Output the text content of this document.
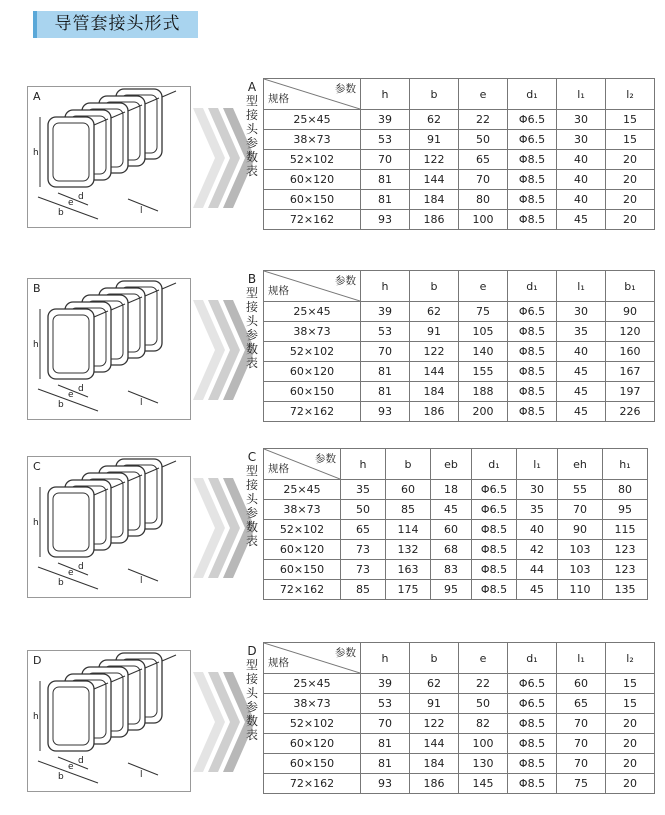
导管套接头形式
h
b
e
d
l
A
A型接头参数表
参数
规格	h	b	e	d₁	l₁	l₂
25×45	39	62	22	Φ6.5	30	15
38×73	53	91	50	Φ6.5	30	15
52×102	70	122	65	Φ8.5	40	20
60×120	81	144	70	Φ8.5	40	20
60×150	81	184	80	Φ8.5	40	20
72×162	93	186	100	Φ8.5	45	20
h
b
e
d
l
B
B型接头参数表
参数
规格	h	b	e	d₁	l₁	b₁
25×45	39	62	75	Φ6.5	30	90
38×73	53	91	105	Φ8.5	35	120
52×102	70	122	140	Φ8.5	40	160
60×120	81	144	155	Φ8.5	45	167
60×150	81	184	188	Φ8.5	45	197
72×162	93	186	200	Φ8.5	45	226
h
b
e
d
l
C
C型接头参数表
参数
规格	h	b	eb	d₁	l₁	eh	h₁
25×45	35	60	18	Φ6.5	30	55	80
38×73	50	85	45	Φ6.5	35	70	95
52×102	65	114	60	Φ8.5	40	90	115
60×120	73	132	68	Φ8.5	42	103	123
60×150	73	163	83	Φ8.5	44	103	123
72×162	85	175	95	Φ8.5	45	110	135
h
b
e
d
l
D
D型接头参数表
参数
规格	h	b	e	d₁	l₁	l₂
25×45	39	62	22	Φ6.5	60	15
38×73	53	91	50	Φ6.5	65	15
52×102	70	122	82	Φ8.5	70	20
60×120	81	144	100	Φ8.5	70	20
60×150	81	184	130	Φ8.5	70	20
72×162	93	186	145	Φ8.5	75	20
